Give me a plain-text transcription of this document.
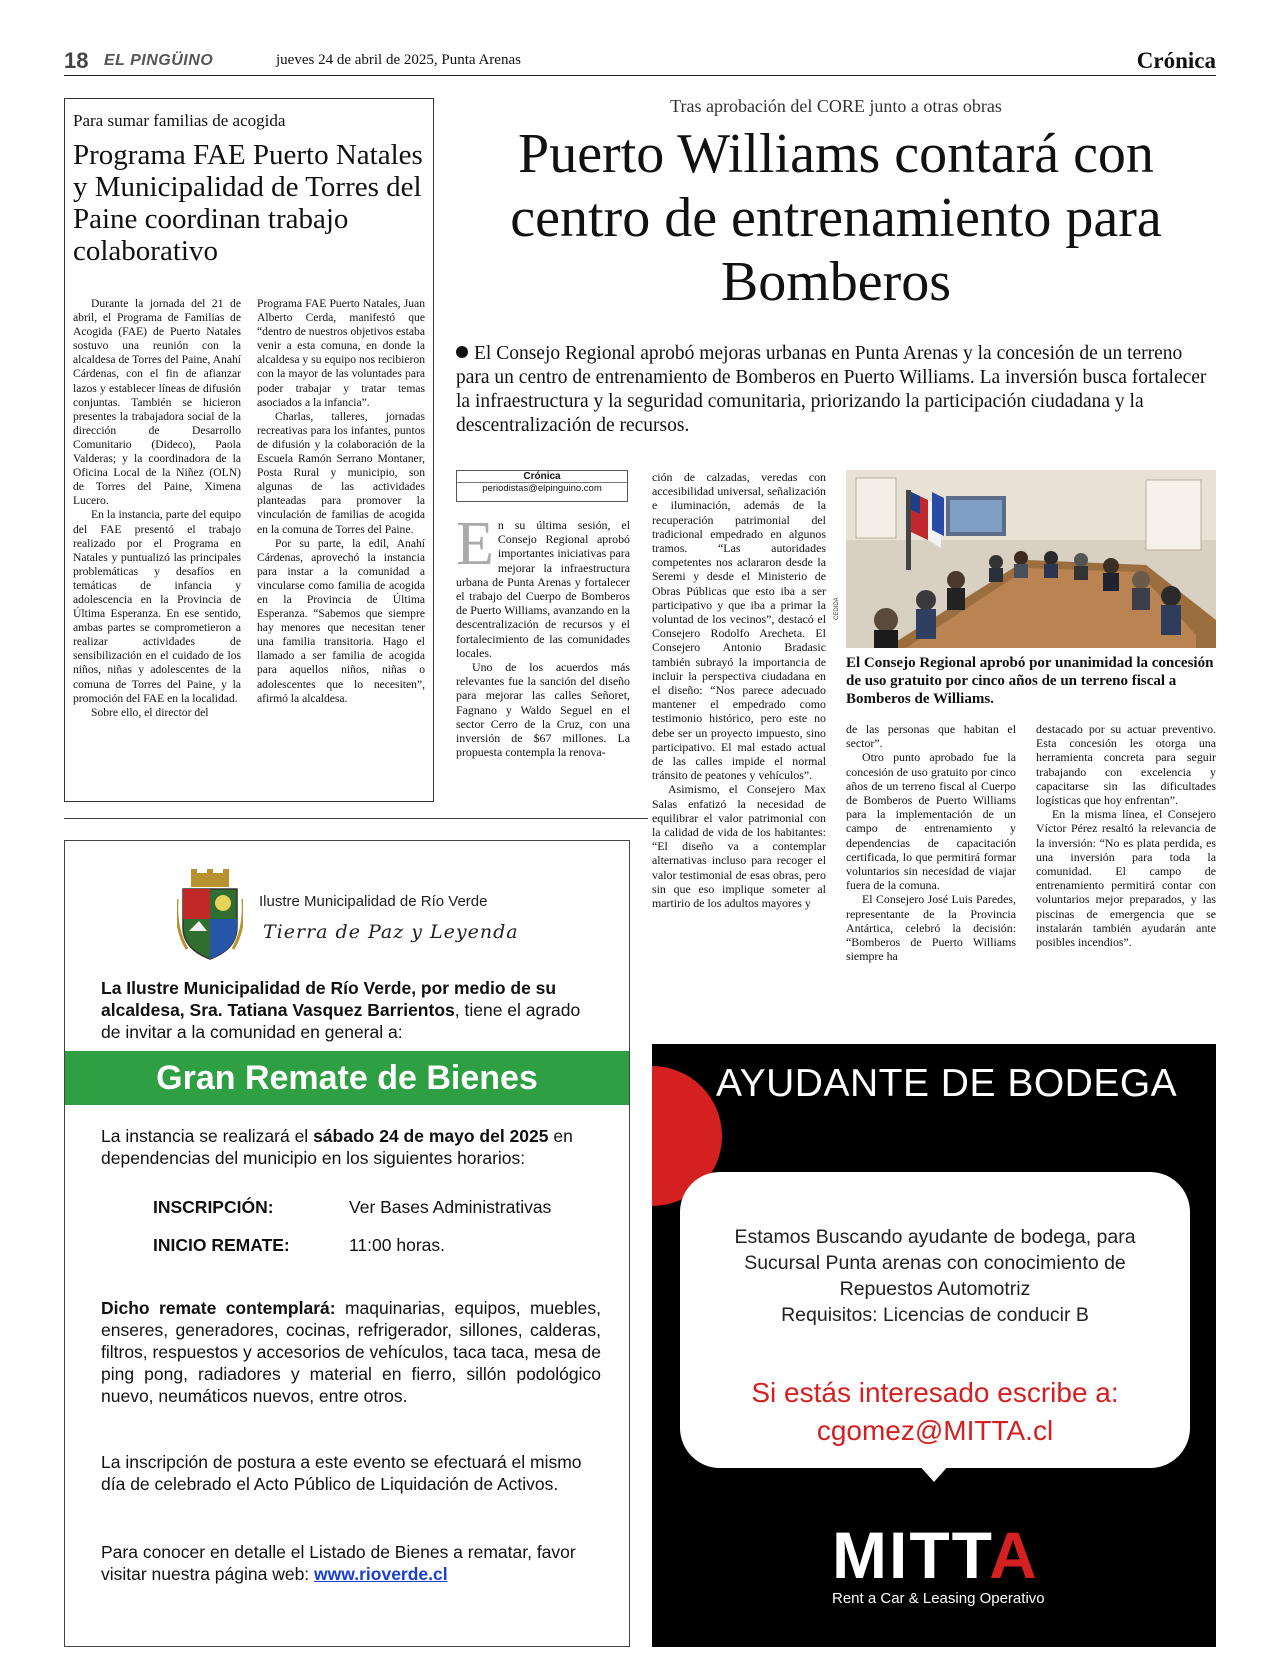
18 EL PINGÜINO	jueves 24 de abril de 2025, Punta Arenas	Crónica
Para sumar familias de acogida
Programa FAE Puerto Natales y Municipalidad de Torres del Paine coordinan trabajo colaborativo

Durante la jornada del 21 de abril, el Programa de Familias de Acogida (FAE) de Puerto Natales sostuvo una reunión con la alcaldesa de Torres del Paine, Anahí Cárdenas, con el fin de afianzar lazos y establecer líneas de difusión conjuntas. También se hicieron presentes la trabajadora social de la dirección de Desarrollo Comunitario (Dideco), Paola Valderas; y la coordinadora de la Oficina Local de la Niñez (OLN) de Torres del Paine, Ximena Lucero.

En la instancia, parte del equipo del FAE presentó el trabajo realizado por el Programa en Natales y puntualizó las principales problemáticas y desafíos en temáticas de infancia y adolescencia en la Provincia de Última Esperanza. En ese sentido, ambas partes se comprometieron a realizar actividades de sensibilización en el cuidado de los niños, niñas y adolescentes de la comuna de Torres del Paine, y la promoción del FAE en la localidad.

Sobre ello, el director del

Programa FAE Puerto Natales, Juan Alberto Cerda, manifestó que “dentro de nuestros objetivos estaba venir a esta comuna, en donde la alcaldesa y su equipo nos recibieron con la mayor de las voluntades para poder trabajar y tratar temas asociados a la infancia”.

Charlas, talleres, jornadas recreativas para los infantes, puntos de difusión y la colaboración de la Escuela Ramón Serrano Montaner, Posta Rural y municipio, son algunas de las actividades planteadas para promover la vinculación de familias de acogida en la comuna de Torres del Paine.

Por su parte, la edil, Anahí Cárdenas, aprovechó la instancia para instar a la comunidad a vincularse como familia de acogida en la Provincia de Última Esperanza. “Sabemos que siempre hay menores que necesitan tener una familia transitoria. Hago el llamado a ser familia de acogida para aquellos niños, niñas o adolescentes que lo necesiten”, afirmó la alcaldesa.

Tras aprobación del CORE junto a otras obras
Puerto Williams contará con centro de entrenamiento para Bomberos
El Consejo Regional aprobó mejoras urbanas en Punta Arenas y la concesión de un terreno para un centro de entrenamiento de Bomberos en Puerto Williams. La inversión busca fortalecer la infraestructura y la seguridad comunitaria, priorizando la participación ciudadana y la descentralización de recursos.
Crónica
periodistas@elpinguino.com

En su última sesión, el Consejo Regional aprobó importantes iniciativas para mejorar la infraestructura urbana de Punta Arenas y fortalecer el trabajo del Cuerpo de Bomberos de Puerto Williams, avanzando en la descentralización de recursos y el fortalecimiento de las comunidades locales.

Uno de los acuerdos más relevantes fue la sanción del diseño para mejorar las calles Señoret, Fagnano y Waldo Seguel en el sector Cerro de la Cruz, con una inversión de $67 millones. La propuesta contempla la renova-

ción de calzadas, veredas con accesibilidad universal, señalización e iluminación, además de la recuperación patrimonial del tradicional empedrado en algunos tramos. “Las autoridades competentes nos aclararon desde la Seremi y desde el Ministerio de Obras Públicas que esto iba a ser participativo y que iba a primar la voluntad de los vecinos”, destacó el Consejero Rodolfo Arecheta. El Consejero Antonio Bradasic también subrayó la importancia de incluir la perspectiva ciudadana en el diseño: “Nos parece adecuado mantener el empedrado como testimonio histórico, pero este no debe ser un proyecto impuesto, sino participativo. El mal estado actual de las calles impide el normal tránsito de peatones y vehículos”.

Asimismo, el Consejero Max Salas enfatizó la necesidad de equilibrar el valor patrimonial con la calidad de vida de los habitantes: “El diseño va a contemplar alternativas incluso para recoger el valor testimonial de esas obras, pero sin que eso implique someter al martirio de los adultos mayores y

CEDIDA
El Consejo Regional aprobó por unanimidad la concesión de uso gratuito por cinco años de un terreno fiscal a Bomberos de Williams.

de las personas que habitan el sector”.

Otro punto aprobado fue la concesión de uso gratuito por cinco años de un terreno fiscal al Cuerpo de Bomberos de Puerto Williams para la implementación de un campo de entrenamiento y dependencias de capacitación certificada, lo que permitirá formar voluntarios sin necesidad de viajar fuera de la comuna.

El Consejero José Luis Paredes, representante de la Provincia Antártica, celebró la decisión: “Bomberos de Puerto Williams siempre ha

destacado por su actuar preventivo. Esta concesión les otorga una herramienta concreta para seguir trabajando con excelencia y capacitarse sin las dificultades logísticas que hoy enfrentan”.

En la misma línea, el Consejero Víctor Pérez resaltó la relevancia de la inversión: “No es plata perdida, es una inversión para toda la comunidad. El campo de entrenamiento permitirá contar con voluntarios mejor preparados, y las piscinas de emergencia que se instalarán también ayudarán ante posibles incendios”.

Ilustre Municipalidad de Río Verde
Tierra de Paz y Leyenda
La Ilustre Municipalidad de Río Verde, por medio de su alcaldesa, Sra. Tatiana Vasquez Barrientos, tiene el agrado de invitar a la comunidad en general a:
Gran Remate de Bienes
La instancia se realizará el sábado 24 de mayo del 2025 en dependencias del municipio en los siguientes horarios:
INSCRIPCIÓN:	Ver Bases Administrativas
INICIO REMATE:	11:00 horas.
Dicho remate contemplará: maquinarias, equipos, muebles, enseres, generadores, cocinas, refrigerador, sillones, calderas, filtros, respuestos y accesorios de vehículos, taca taca, mesa de ping pong, radiadores y material en fierro, sillón podológico nuevo, neumáticos nuevos, entre otros.
La inscripción de postura a este evento se efectuará el mismo día de celebrado el Acto Público de Liquidación de Activos.
Para conocer en detalle el Listado de Bienes a rematar, favor visitar nuestra página web: www.rioverde.cl
AYUDANTE DE BODEGA
Estamos Buscando ayudante de bodega, para
Sucursal Punta arenas con conocimiento de
Repuestos Automotriz
Requisitos: Licencias de conducir B
Si estás interesado escribe a:
cgomez@MITTA.cl
MITTA
Rent a Car & Leasing Operativo
